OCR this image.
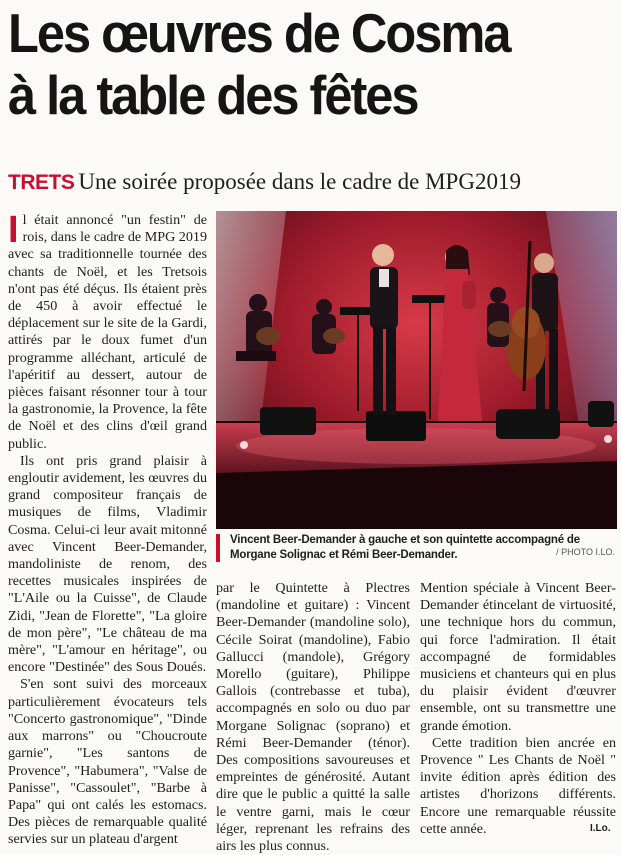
Les œuvres de Cosma
à la table des fêtes
TRETS Une soirée proposée dans le cadre de MPG2019

Il était annoncé "un festin" de rois, dans le cadre de MPG 2019 avec sa traditionnelle tournée des chants de Noël, et les Tretsois n'ont pas été déçus. Ils étaient près de 450 à avoir effectué le déplacement sur le site de la Gardi, attirés par le doux fumet d'un programme alléchant, articulé de l'apéritif au dessert, autour de pièces faisant résonner tour à tour la gastronomie, la Provence, la fête de Noël et des clins d'œil grand public.

Ils ont pris grand plaisir à engloutir avidement, les œuvres du grand compositeur français de musiques de films, Vladimir Cosma. Celui-ci leur avait mitonné avec Vincent Beer-Demander, mandoliniste de renom, des recettes musicales inspirées de "L'Aile ou la Cuisse", de Claude Zidi, "Jean de Florette", "La gloire de mon père", "Le château de ma mère", "L'amour en héritage", ou encore "Destinée" des Sous Doués.

S'en sont suivi des morceaux particulièrement évocateurs tels "Concerto gastronomique", "Dinde aux marrons" ou "Choucroute garnie", "Les santons de Provence", "Habumera", "Valse de Panisse", "Cassoulet", "Barbe à Papa" qui ont calés les estomacs. Des pièces de remarquable qualité servies sur un plateau d'argent

Vincent Beer-Demander à gauche et son quintette accompagné de Morgane Solignac et Rémi Beer-Demander.	/ PHOTO I.LO.

par le Quintette à Plectres (mandoline et guitare) : Vincent Beer-Demander (mandoline solo), Cécile Soirat (mandoline), Fabio Gallucci (mandole), Grégory Morello (guitare), Philippe Gallois (contrebasse et tuba), accompagnés en solo ou duo par Morgane Solignac (soprano) et Rémi Beer-Demander (ténor). Des compositions savoureuses et empreintes de générosité. Autant dire que le public a quitté la salle le ventre garni, mais le cœur léger, reprenant les refrains des airs les plus connus.

Mention spéciale à Vincent Beer-Demander étincelant de virtuosité, une technique hors du commun, qui force l'admiration. Il était accompagné de formidables musiciens et chanteurs qui en plus du plaisir évident d'œuvrer ensemble, ont su transmettre une grande émotion.

Cette tradition bien ancrée en Provence " Les Chants de Noël " invite édition après édition des artistes d'horizons différents. Encore une remarquable réussite cette année.	I.Lo.
